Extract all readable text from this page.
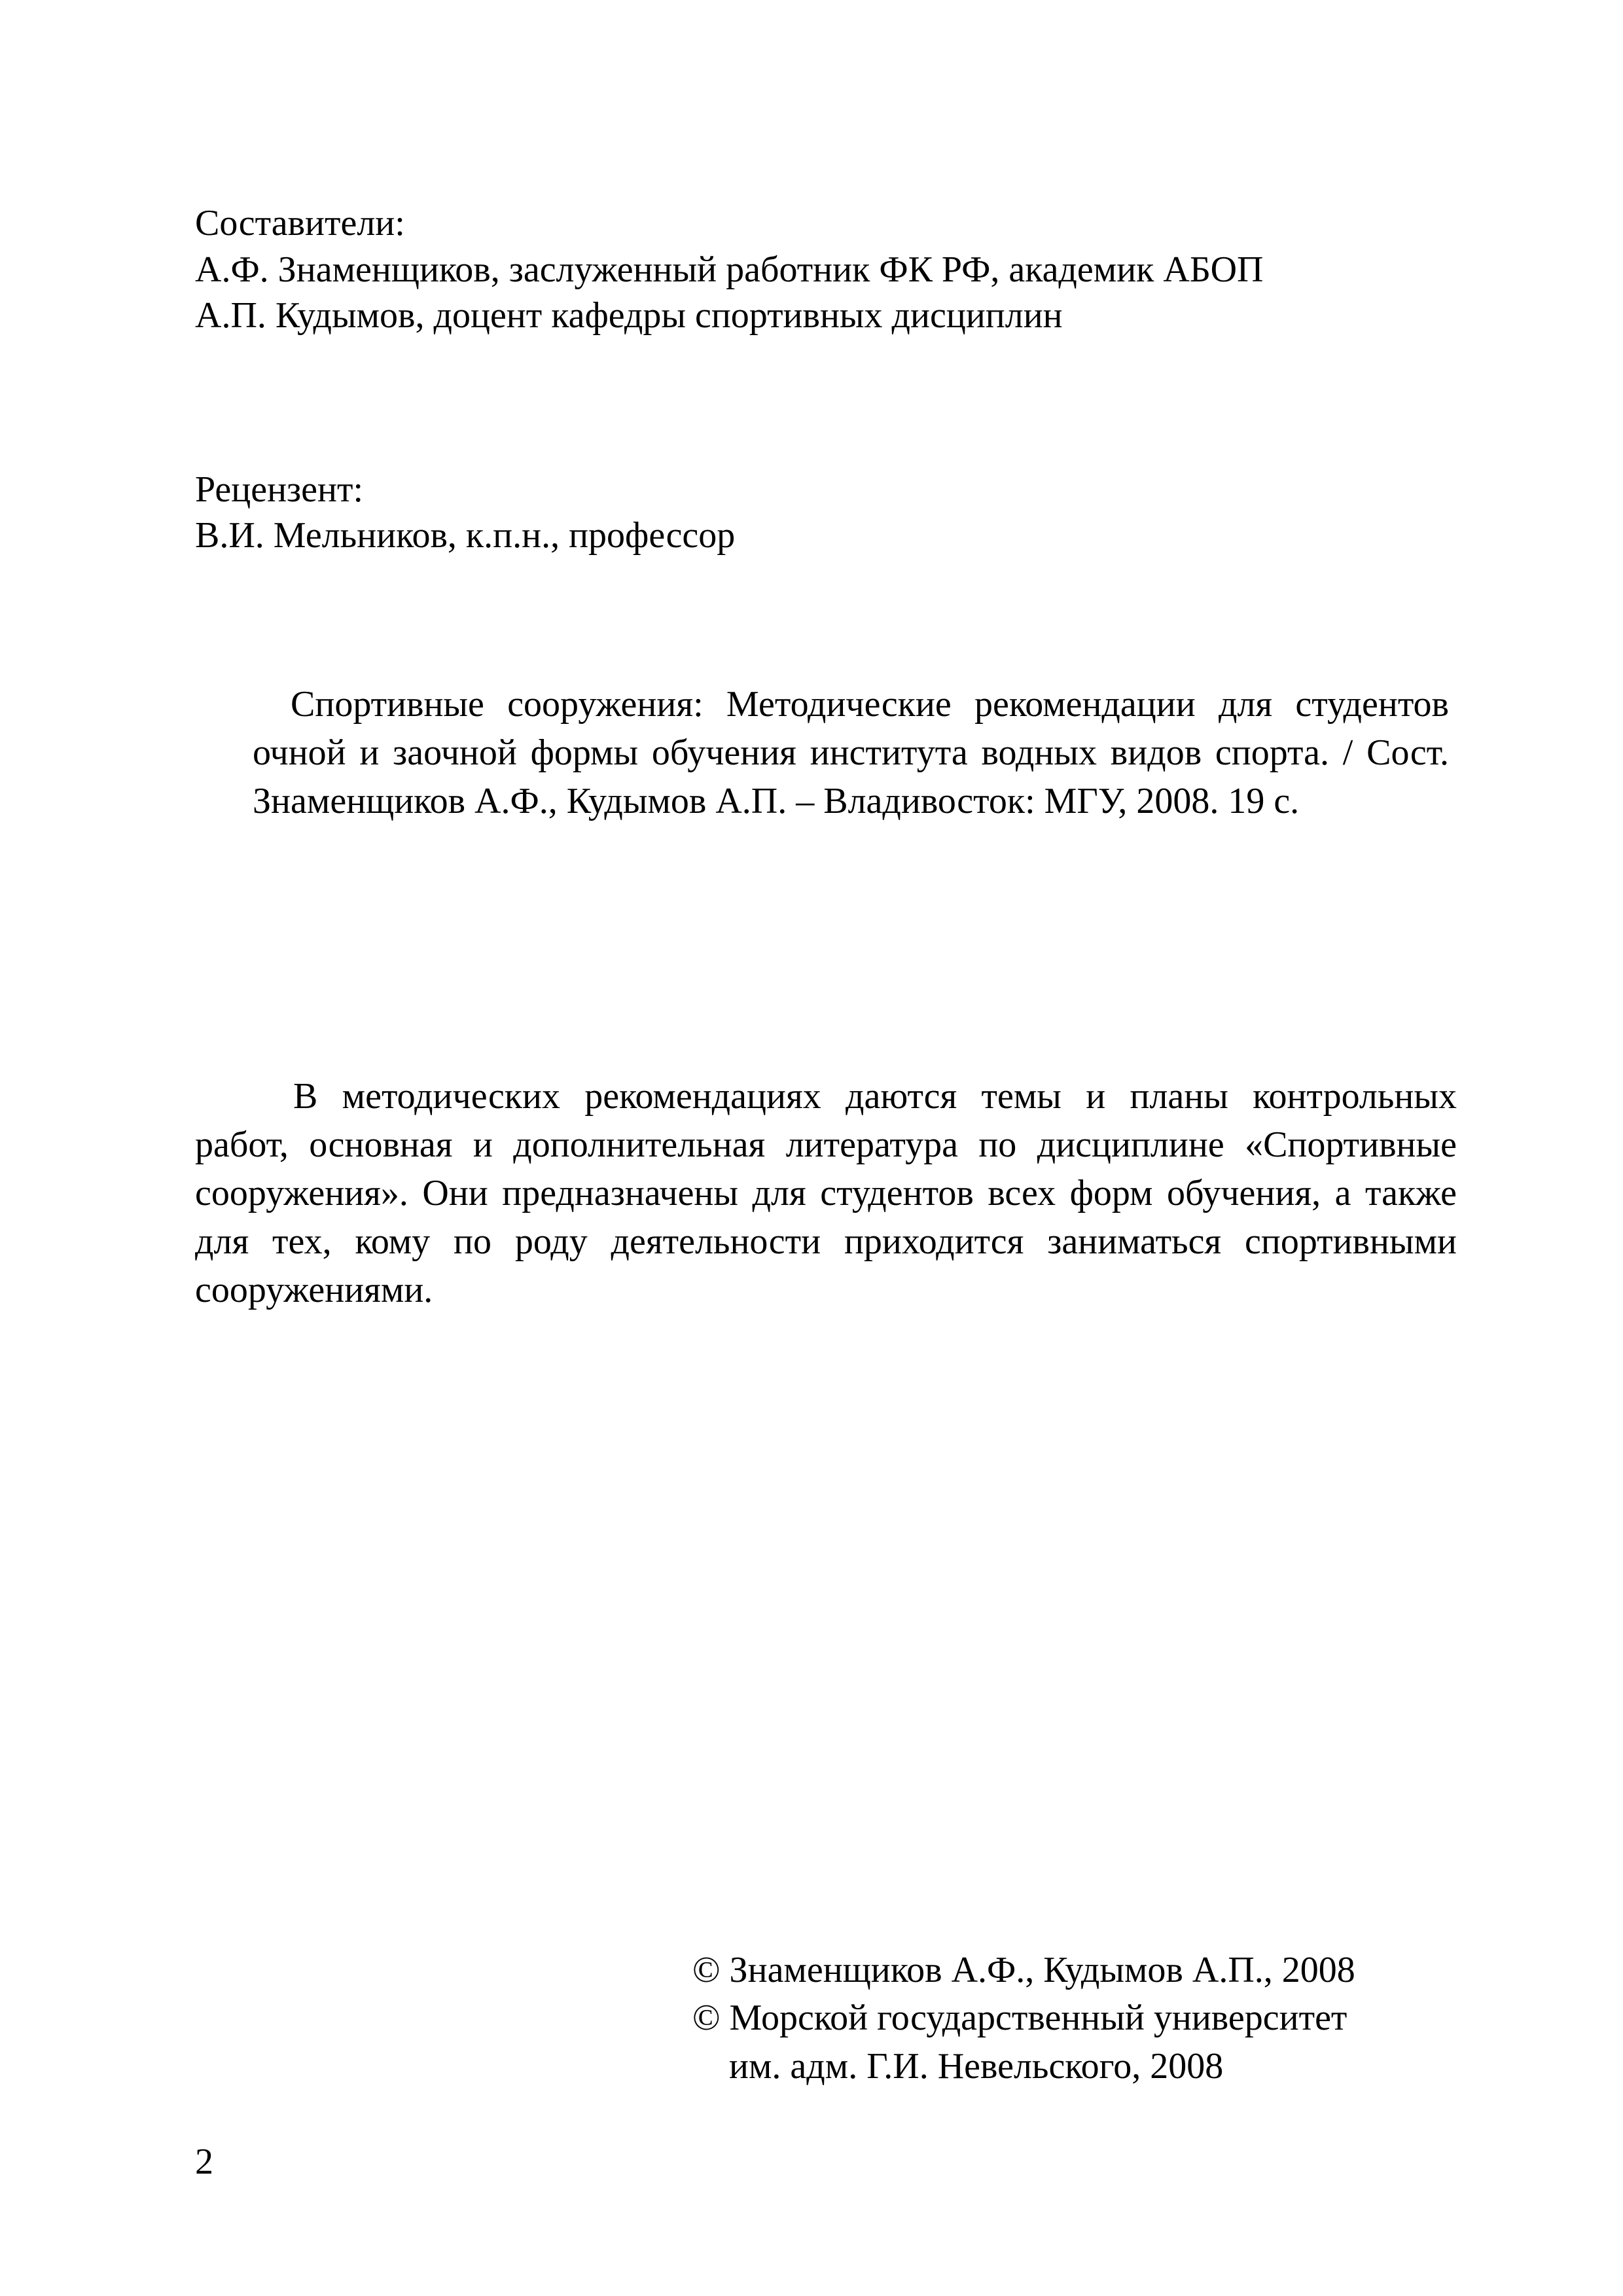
Составители:
А.Ф. Знаменщиков, заслуженный работник ФК РФ, академик АБОП
А.П. Кудымов, доцент кафедры спортивных дисциплин
Рецензент:
В.И. Мельников, к.п.н., профессор
Спортивные сооружения: Методические рекомендации для студентов
очной и заочной формы обучения института водных видов спорта. / Сост.
Знаменщиков А.Ф., Кудымов А.П. – Владивосток: МГУ, 2008. 19 с.
В методических рекомендациях даются темы и планы контрольных
работ, основная и дополнительная литература по дисциплине «Спортивные
сооружения». Они предназначены для студентов всех форм обучения, а также
для тех, кому по роду деятельности приходится заниматься спортивными
сооружениями.
© Знаменщиков А.Ф., Кудымов А.П., 2008
© Морской государственный университет
им. адм. Г.И. Невельского, 2008
2
